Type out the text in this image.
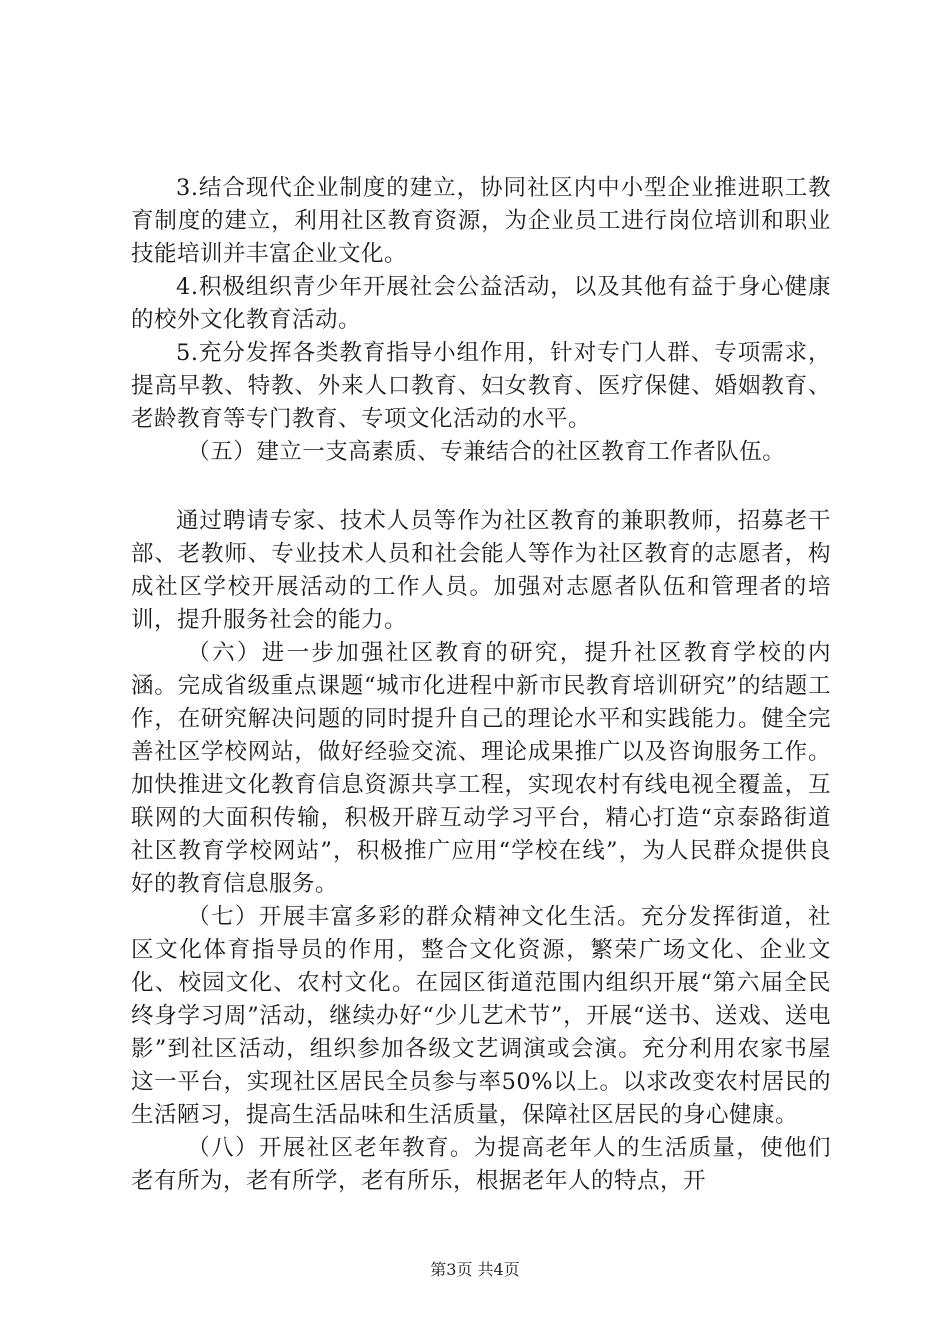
3.结合现代企业制度的建立，协同社区内中小型企业推进职工教育制度的建立，利用社区教育资源，为企业员工进行岗位培训和职业技能培训并丰富企业文化。

4.积极组织青少年开展社会公益活动，以及其他有益于身心健康的校外文化教育活动。

5.充分发挥各类教育指导小组作用，针对专门人群、专项需求，提高早教、特教、外来人口教育、妇女教育、医疗保健、婚姻教育、老龄教育等专门教育、专项文化活动的水平。

（五）建立一支高素质、专兼结合的社区教育工作者队伍。

通过聘请专家、技术人员等作为社区教育的兼职教师，招募老干部、老教师、专业技术人员和社会能人等作为社区教育的志愿者，构成社区学校开展活动的工作人员。加强对志愿者队伍和管理者的培训，提升服务社会的能力。

（六）进一步加强社区教育的研究，提升社区教育学校的内涵。完成省级重点课题“城市化进程中新市民教育培训研究”的结题工作，在研究解决问题的同时提升自己的理论水平和实践能力。健全完善社区学校网站，做好经验交流、理论成果推广以及咨询服务工作。加快推进文化教育信息资源共享工程，实现农村有线电视全覆盖，互联网的大面积传输，积极开辟互动学习平台，精心打造“京泰路街道社区教育学校网站”，积极推广应用“学校在线”，为人民群众提供良好的教育信息服务。

（七）开展丰富多彩的群众精神文化生活。充分发挥街道，社区文化体育指导员的作用，整合文化资源，繁荣广场文化、企业文化、校园文化、农村文化。在园区街道范围内组织开展“第六届全民终身学习周”活动，继续办好“少儿艺术节”，开展“送书、送戏、送电影”到社区活动，组织参加各级文艺调演或会演。充分利用农家书屋这一平台，实现社区居民全员参与率50%以上。以求改变农村居民的生活陋习，提高生活品味和生活质量，保障社区居民的身心健康。

（八）开展社区老年教育。为提高老年人的生活质量，使他们老有所为，老有所学，老有所乐，根据老年人的特点，开

第3页 共4页
